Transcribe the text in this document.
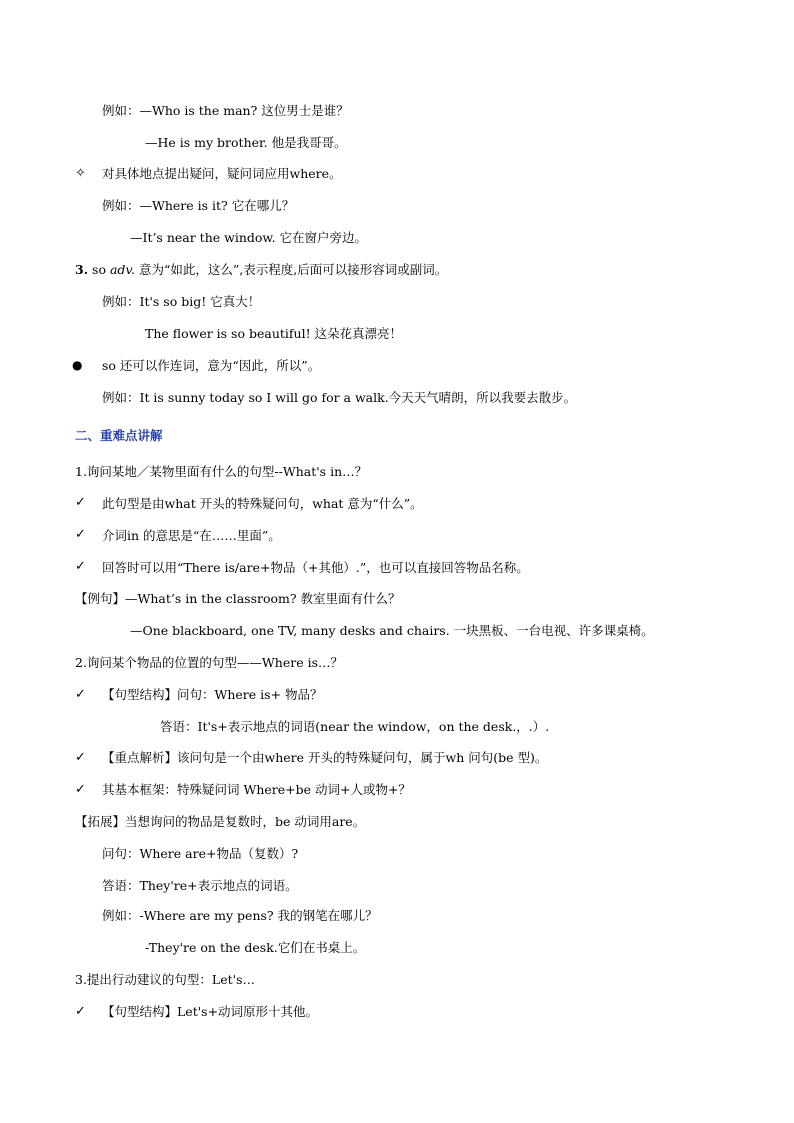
例如：—Who is the man? 这位男士是谁？
—He is my brother. 他是我哥哥。
✧ 对具体地点提出疑问，疑问词应用where。
例如：—Where is it? 它在哪儿？
—It’s near the window. 它在窗户旁边。
3. so adv. 意为“如此，这么”,表示程度,后面可以接形容词或副词。
例如：It's so big! 它真大！
The flower is so beautiful! 这朵花真漂亮！
● so 还可以作连词，意为“因此，所以”。
例如：It is sunny today so I will go for a walk.今天天气晴朗，所以我要去散步。
二、重难点讲解
1.询问某地／某物里面有什么的句型--What's in…？
✓ 此句型是由what 开头的特殊疑问句，what 意为“什么”。
✓ 介词in 的意思是“在……里面”。
✓ 回答时可以用“There is/are+物品（+其他）.”，也可以直接回答物品名称。
【例句】—What’s in the classroom? 教室里面有什么？
—One blackboard, one TV, many desks and chairs. 一块黑板、一台电视、许多课桌椅。
2.询问某个物品的位置的句型——Where is…？
✓ 【句型结构】问句：Where is+ 物品？
答语：It's+表示地点的词语(near the window，on the desk.，.）.
✓ 【重点解析】该问句是一个由where 开头的特殊疑问句，属于wh 问句(be 型)。
✓ 其基本框架：特殊疑问词 Where+be 动词+人或物+？
【拓展】当想询问的物品是复数时，be 动词用are。
问句：Where are+物品（复数）?
答语：They're+表示地点的词语。
例如：-Where are my pens? 我的钢笔在哪儿？
-They're on the desk.它们在书桌上。
3.提出行动建议的句型：Let's…
✓ 【句型结构】Let's+动词原形十其他。
